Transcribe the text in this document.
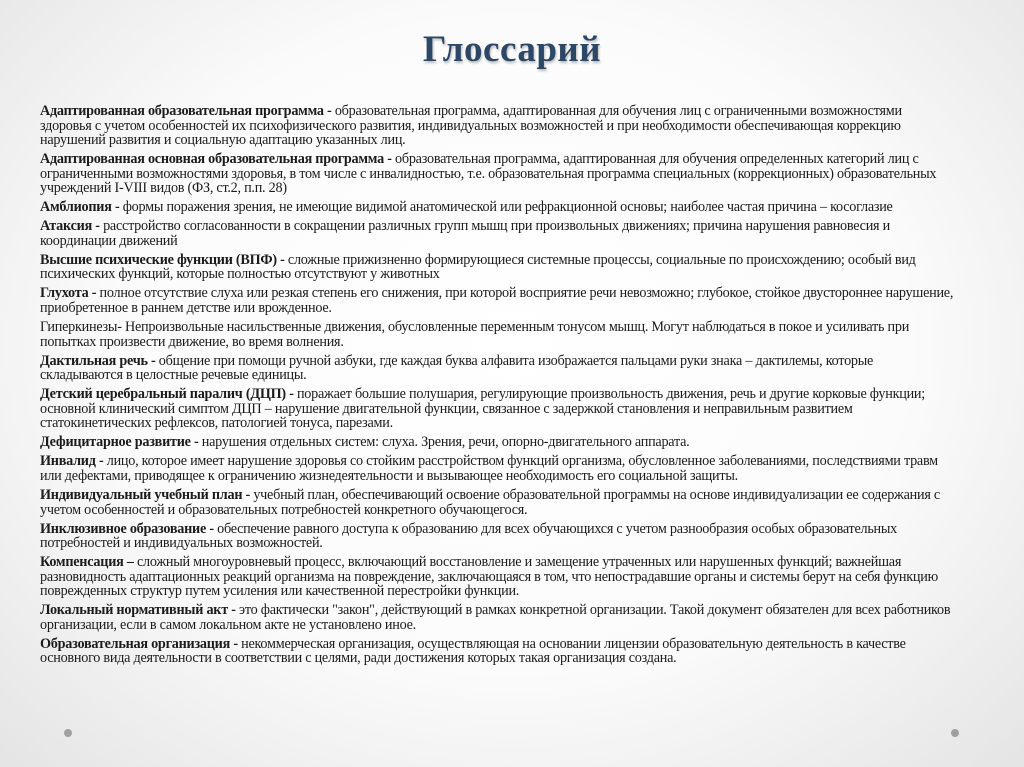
Глоссарий

Адаптированная образовательная программа - образовательная программа, адаптированная для обучения лиц с ограниченными возможностями здоровья с учетом особенностей их психофизического развития, индивидуальных возможностей и при необходимости обеспечивающая коррекцию нарушений развития и социальную адаптацию указанных лиц.

Адаптированная основная образовательная программа - образовательная программа, адаптированная для обучения определенных категорий лиц с ограниченными возможностями здоровья, в том числе с инвалидностью, т.е. образовательная программа специальных (коррекционных) образовательных учреждений I-VIII видов (ФЗ, ст.2, п.п. 28)

Амблиопия - формы поражения зрения, не имеющие видимой анатомической или рефракционной основы; наиболее частая причина – косоглазие

Атаксия - расстройство согласованности в сокращении различных групп мышц при произвольных движениях; причина нарушения равновесия и координации движений

Высшие психические функции (ВПФ) - сложные прижизненно формирующиеся системные процессы, социальные по происхождению; особый вид психических функций, которые полностью отсутствуют у животных

Глухота - полное отсутствие слуха или резкая степень его снижения, при которой восприятие речи невозможно; глубокое, стойкое двустороннее нарушение, приобретенное в раннем детстве или врожденное.

Гиперкинезы- Непроизвольные насильственные движения, обусловленные переменным тонусом мышц. Могут наблюдаться в покое и усиливать при попытках произвести движение, во время волнения.

Дактильная речь - общение при помощи ручной азбуки, где каждая буква алфавита изображается пальцами руки знака – дактилемы, которые складываются в целостные речевые единицы.

Детский церебральный паралич (ДЦП) - поражает большие полушария, регулирующие произвольность движения, речь и другие корковые функции; основной клинический симптом ДЦП – нарушение двигательной функции, связанное с задержкой становления и неправильным развитием статокинетических рефлексов, патологией тонуса, парезами.

Дефицитарное развитие - нарушения отдельных систем: слуха. Зрения, речи, опорно-двигательного аппарата.

Инвалид - лицо, которое имеет нарушение здоровья со стойким расстройством функций организма, обусловленное заболеваниями, последствиями травм или дефектами, приводящее к ограничению жизнедеятельности и вызывающее необходимость его социальной защиты.

Индивидуальный учебный план - учебный план, обеспечивающий освоение образовательной программы на основе индивидуализации ее содержания с учетом особенностей и образовательных потребностей конкретного обучающегося.

Инклюзивное образование - обеспечение равного доступа к образованию для всех обучающихся с учетом разнообразия особых образовательных потребностей и индивидуальных возможностей.

Компенсация – сложный многоуровневый процесс, включающий восстановление и замещение утраченных или нарушенных функций; важнейшая разновидность адаптационных реакций организма на повреждение, заключающаяся в том, что непострадавшие органы и системы берут на себя функцию поврежденных структур путем усиления или качественной перестройки функции.

Локальный нормативный акт - это фактически "закон", действующий в рамках конкретной организации. Такой документ обязателен для всех работников организации, если в самом локальном акте не установлено иное.

Образовательная организация - некоммерческая организация, осуществляющая на основании лицензии образовательную деятельность в качестве основного вида деятельности в соответствии с целями, ради достижения которых такая организация создана.
